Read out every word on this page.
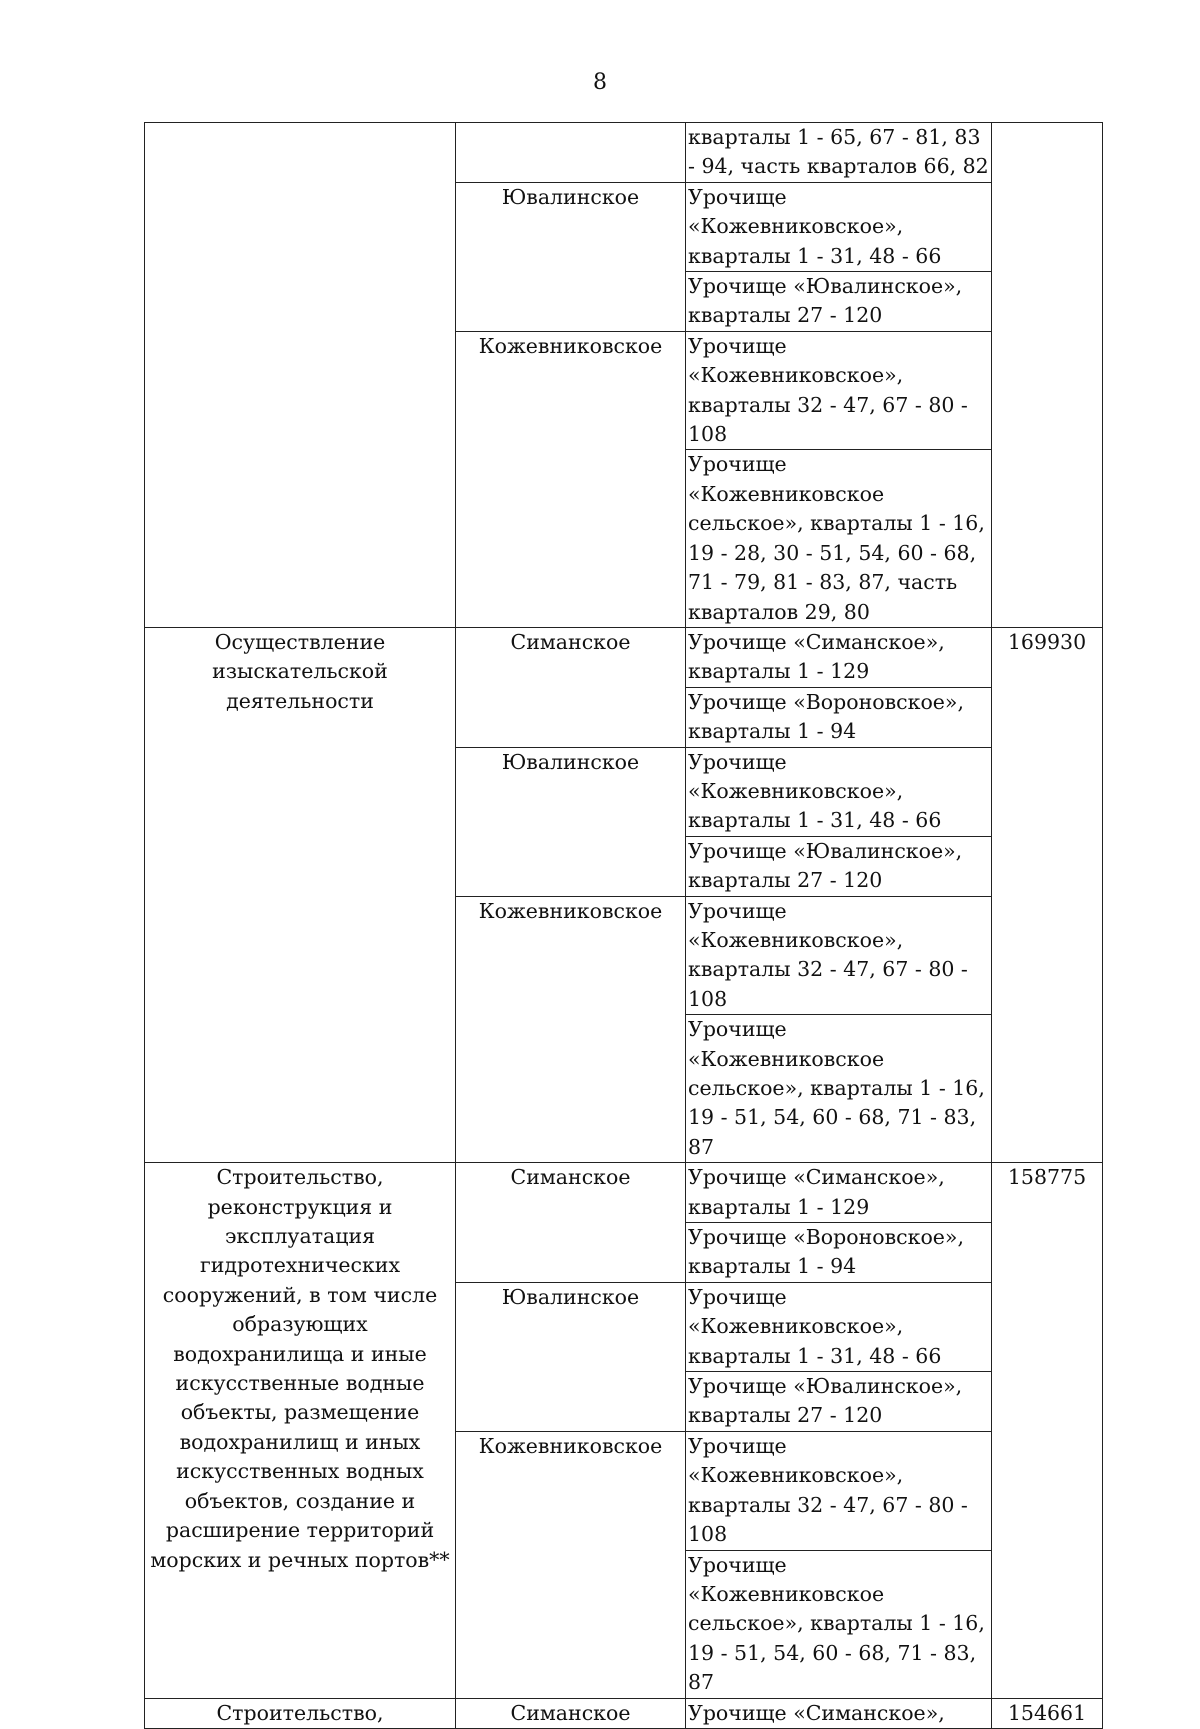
8
		кварталы 1 - 65, 67 - 81, 83 - 94, часть кварталов 66, 82	
	Ювалинское	Урочище «Кожевниковское», кварталы 1 - 31, 48 - 66	
		Урочище «Ювалинское», кварталы 27 - 120	
	Кожевниковское	Урочище «Кожевниковское», кварталы 32 - 47, 67 - 80 - 108	
		Урочище «Кожевниковское сельское», кварталы 1 - 16, 19 - 28, 30 - 51, 54, 60 - 68, 71 - 79, 81 - 83, 87, часть кварталов 29, 80	
Осуществление изыскательской деятельности	Симанское	Урочище «Симанское», кварталы 1 - 129	169930
		Урочище «Вороновское», кварталы 1 - 94	
	Ювалинское	Урочище «Кожевниковское», кварталы 1 - 31, 48 - 66	
		Урочище «Ювалинское», кварталы 27 - 120	
	Кожевниковское	Урочище «Кожевниковское», кварталы 32 - 47, 67 - 80 - 108	
		Урочище «Кожевниковское сельское», кварталы 1 - 16, 19 - 51, 54, 60 - 68, 71 - 83, 87	
Строительство, реконструкция и эксплуатация гидротехнических сооружений, в том числе образующих водохранилища и иные искусственные водные объекты, размещение водохранилищ и иных искусственных водных объектов, создание и расширение территорий морских и речных портов**	Симанское	Урочище «Симанское», кварталы 1 - 129	158775
		Урочище «Вороновское», кварталы 1 - 94	
	Ювалинское	Урочище «Кожевниковское», кварталы 1 - 31, 48 - 66	
		Урочище «Ювалинское», кварталы 27 - 120	
	Кожевниковское	Урочище «Кожевниковское», кварталы 32 - 47, 67 - 80 - 108	
		Урочище «Кожевниковское сельское», кварталы 1 - 16, 19 - 51, 54, 60 - 68, 71 - 83, 87	
Строительство,	Симанское	Урочище «Симанское»,	154661
